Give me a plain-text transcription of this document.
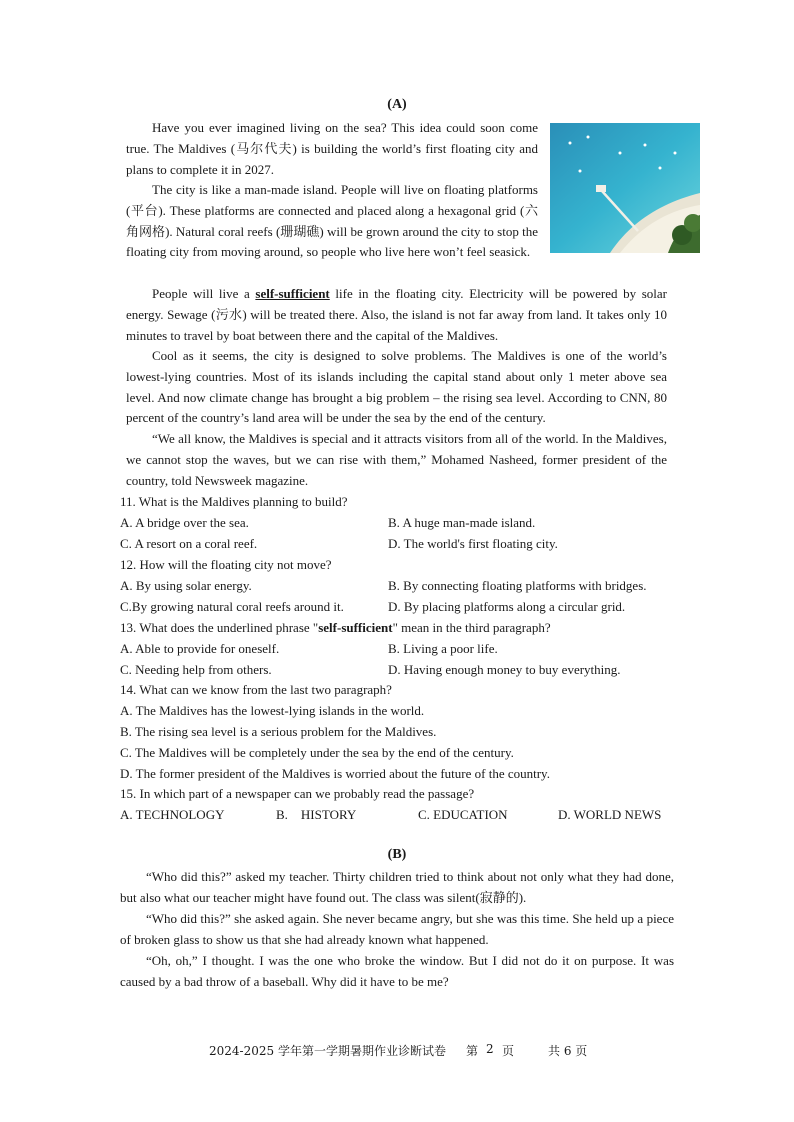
(A)

Have you ever imagined living on the sea? This idea could soon come true. The Maldives (马尔代夫) is building the world’s first floating city and plans to complete it in 2027.

The city is like a man-made island. People will live on floating platforms (平台). These platforms are connected and placed along a hexagonal grid (六角网格). Natural coral reefs (珊瑚礁) will be grown around the city to stop the floating city from moving around, so people who live here won’t feel seasick.

People will live a self-sufficient life in the floating city. Electricity will be powered by solar energy. Sewage (污水) will be treated there. Also, the island is not far away from land. It takes only 10 minutes to travel by boat between there and the capital of the Maldives.

Cool as it seems, the city is designed to solve problems. The Maldives is one of the world’s lowest-lying countries. Most of its islands including the capital stand about only 1 meter above sea level. And now climate change has brought a big problem – the rising sea level. According to CNN, 80 percent of the country’s land area will be under the sea by the end of the century.

“We all know, the Maldives is special and it attracts visitors from all of the world. In the Maldives, we cannot stop the waves, but we can rise with them,” Mohamed Nasheed, former president of the country, told Newsweek magazine.

11. What is the Maldives planning to build?
A. A bridge over the sea.	B. A huge man-made island.
C. A resort on a coral reef.	D. The world's first floating city.
12. How will the floating city not move?
A. By using solar energy.	B. By connecting floating platforms with bridges.
C.By growing natural coral reefs around it.	D. By placing platforms along a circular grid.
13. What does the underlined phrase "self-sufficient" mean in the third paragraph?
A. Able to provide for oneself.	B. Living a poor life.
C. Needing help from others.	D. Having enough money to buy everything.
14. What can we know from the last two paragraph?
A. The Maldives has the lowest-lying islands in the world.
B. The rising sea level is a serious problem for the Maldives.
C. The Maldives will be completely under the sea by the end of the century.
D. The former president of the Maldives is worried about the future of the country.
15. In which part of a newspaper can we probably read the passage?
A. TECHNOLOGY	B.    HISTORY	C. EDUCATION	D. WORLD NEWS
(B)

“Who did this?” asked my teacher. Thirty children tried to think about not only what they had done, but also what our teacher might have found out. The class was silent(寂静的).

“Who did this?” she asked again. She never became angry, but she was this time. She held up a piece of broken glass to show us that she had already known what happened.

“Oh, oh,” I thought. I was the one who broke the window. But I did not do it on purpose. It was caused by a bad throw of a baseball. Why did it have to be me?

2024-2025 学年第一学期暑期作业诊断试卷 第 2 页	共 6 页
